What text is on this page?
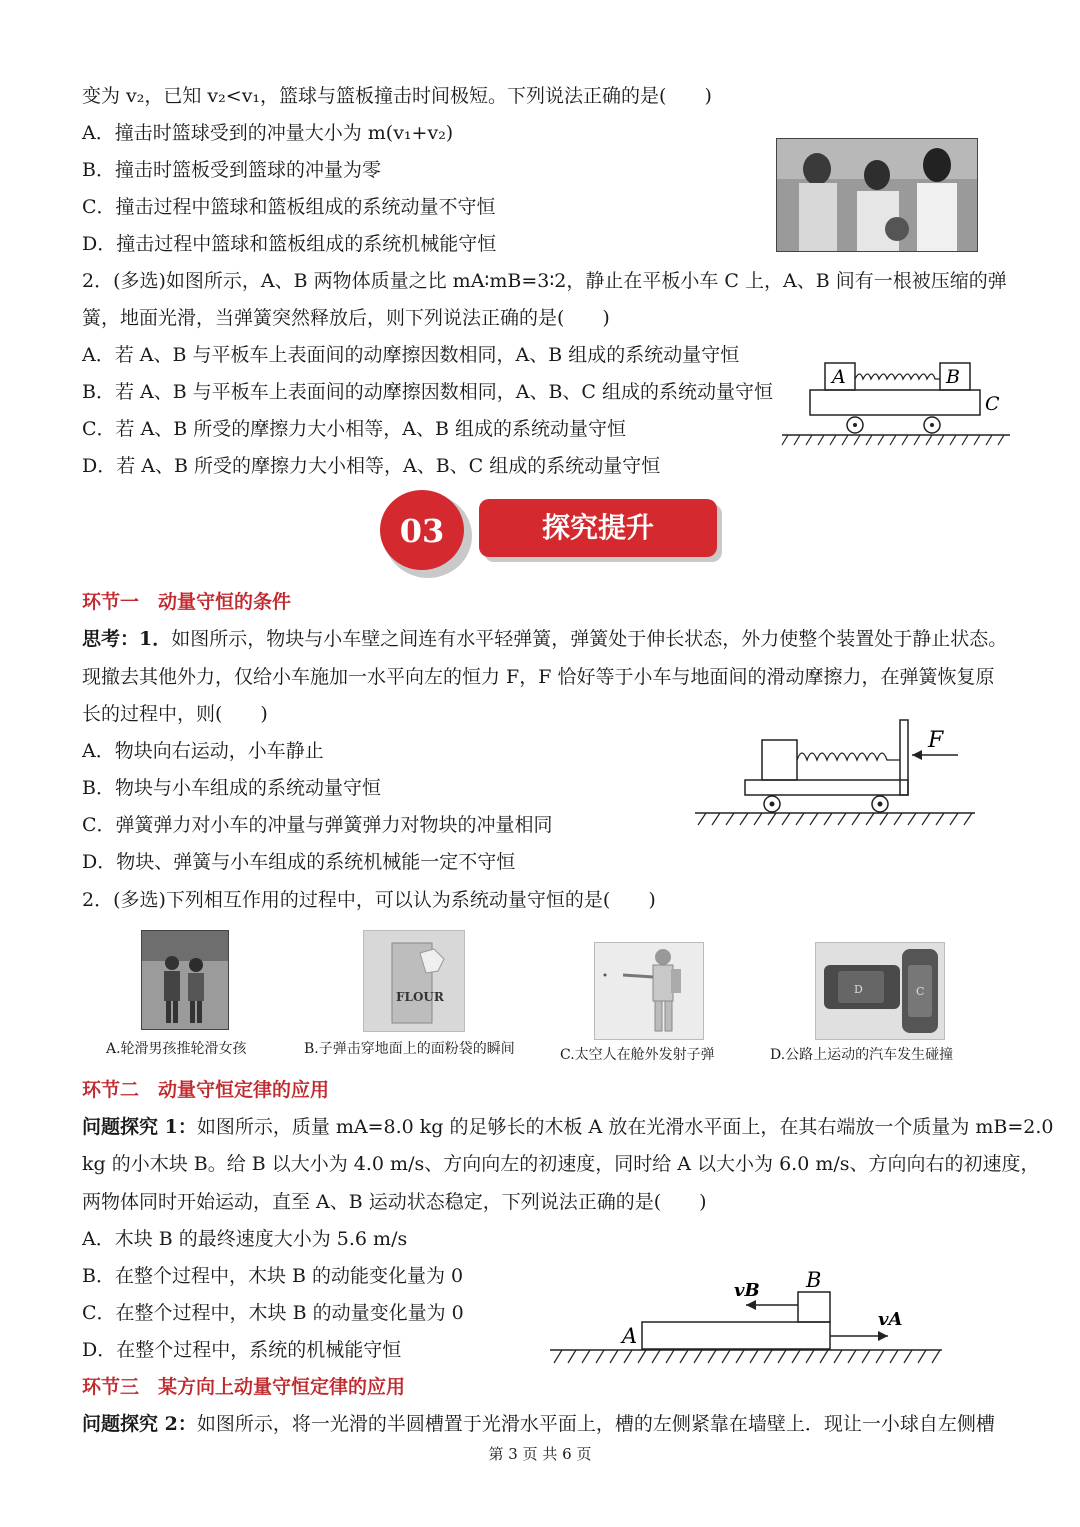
变为 v₂，已知 v₂<v₁，篮球与篮板撞击时间极短。下列说法正确的是(　　)
A．撞击时篮球受到的冲量大小为 m(v₁+v₂)
B．撞击时篮板受到篮球的冲量为零
C．撞击过程中篮球和篮板组成的系统动量不守恒
D．撞击过程中篮球和篮板组成的系统机械能守恒
2．(多选)如图所示，A、B 两物体质量之比 mA∶mB=3∶2，静止在平板小车 C 上，A、B 间有一根被压缩的弹
簧，地面光滑，当弹簧突然释放后，则下列说法正确的是(　　)
A．若 A、B 与平板车上表面间的动摩擦因数相同，A、B 组成的系统动量守恒
B．若 A、B 与平板车上表面间的动摩擦因数相同，A、B、C 组成的系统动量守恒
C．若 A、B 所受的摩擦力大小相等，A、B 组成的系统动量守恒
D．若 A、B 所受的摩擦力大小相等，A、B、C 组成的系统动量守恒
A	B
C
03	探究提升
环节一　动量守恒的条件
思考：1．如图所示，物块与小车壁之间连有水平轻弹簧，弹簧处于伸长状态，外力使整个装置处于静止状态。
现撤去其他外力，仅给小车施加一水平向左的恒力 F，F 恰好等于小车与地面间的滑动摩擦力，在弹簧恢复原
长的过程中，则(　　)
A．物块向右运动，小车静止
B．物块与小车组成的系统动量守恒
C．弹簧弹力对小车的冲量与弹簧弹力对物块的冲量相同
D．物块、弹簧与小车组成的系统机械能一定不守恒
F
2．(多选)下列相互作用的过程中，可以认为系统动量守恒的是(　　)
FLOUR
D	C
A.轮滑男孩推轮滑女孩	B.子弹击穿地面上的面粉袋的瞬间	C.太空人在舱外发射子弹	D.公路上运动的汽车发生碰撞
环节二　动量守恒定律的应用
问题探究 1：如图所示，质量 mA=8.0 kg 的足够长的木板 A 放在光滑水平面上，在其右端放一个质量为 mB=2.0
kg 的小木块 B。给 B 以大小为 4.0 m/s、方向向左的初速度，同时给 A 以大小为 6.0 m/s、方向向右的初速度，
两物体同时开始运动，直至 A、B 运动状态稳定，下列说法正确的是(　　)
A．木块 B 的最终速度大小为 5.6 m/s
B．在整个过程中，木块 B 的动能变化量为 0
C．在整个过程中，木块 B 的动量变化量为 0
D．在整个过程中，系统的机械能守恒
B
A
vB
vA
环节三　某方向上动量守恒定律的应用
问题探究 2：如图所示，将一光滑的半圆槽置于光滑水平面上，槽的左侧紧靠在墙壁上．现让一小球自左侧槽
第 3 页 共 6 页
